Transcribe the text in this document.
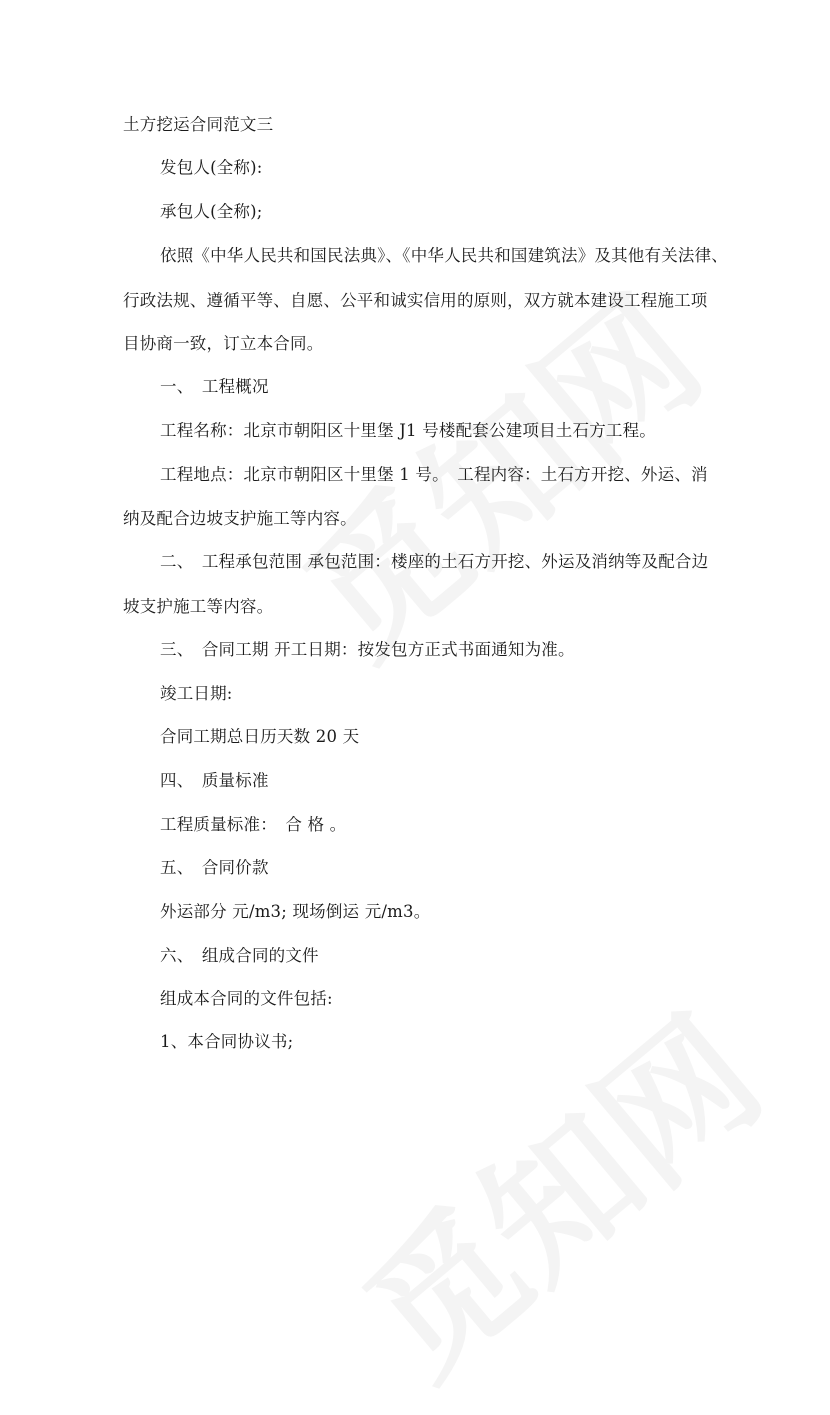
土方挖运合同范文三
发包人(全称):
承包人(全称);
依照《中华人民共和国民法典》、《中华人民共和国建筑法》及其他有关法律、
行政法规、遵循平等、自愿、公平和诚实信用的原则，双方就本建设工程施工项
目协商一致，订立本合同。
一、　工程概况
工程名称：北京市朝阳区十里堡 J1 号楼配套公建项目土石方工程。
工程地点：北京市朝阳区十里堡 1 号。　工程内容：土石方开挖、外运、消
纳及配合边坡支护施工等内容。
二、　工程承包范围 承包范围：楼座的土石方开挖、外运及消纳等及配合边
坡支护施工等内容。
三、　合同工期 开工日期：按发包方正式书面通知为准。
竣工日期:
合同工期总日历天数 20 天
四、　质量标准
工程质量标准：　合 格 。
五、　合同价款
外运部分 元/m3; 现场倒运 元/m3。
六、　组成合同的文件
组成本合同的文件包括:
1、本合同协议书;
